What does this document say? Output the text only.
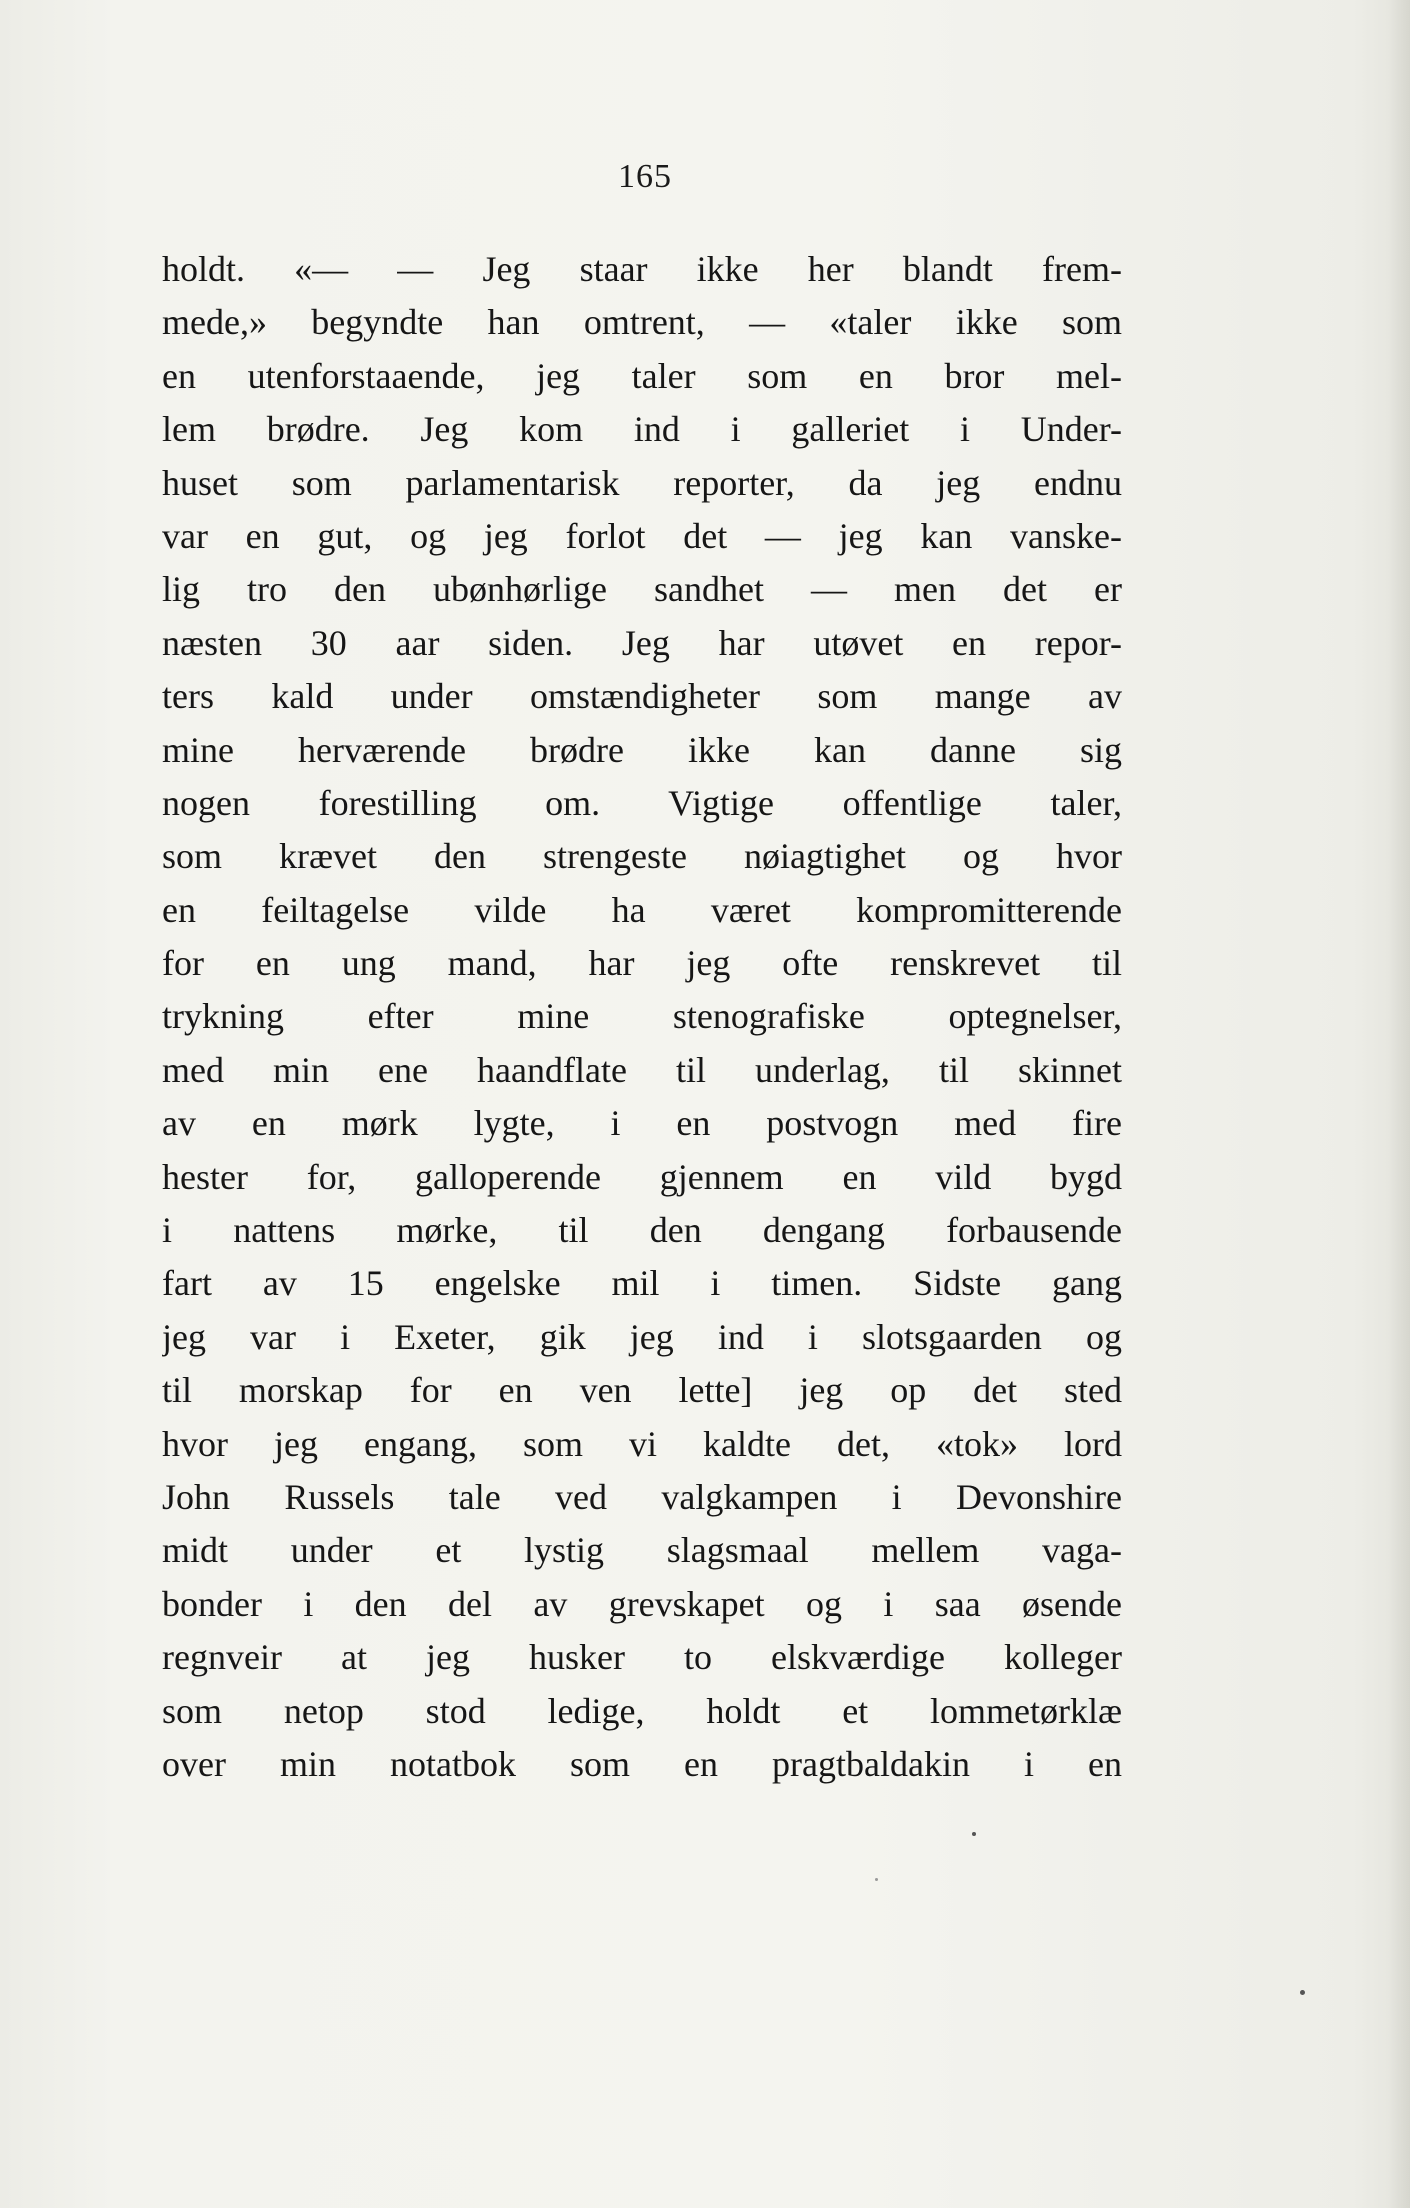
165
holdt. «— — Jeg staar ikke her blandt frem-
mede,» begyndte han omtrent, — «taler ikke som
en utenforstaaende, jeg taler som en bror mel-
lem brødre. Jeg kom ind i galleriet i Under-
huset som parlamentarisk reporter, da jeg endnu
var en gut, og jeg forlot det — jeg kan vanske-
lig tro den ubønhørlige sandhet — men det er
næsten 30 aar siden. Jeg har utøvet en repor-
ters kald under omstændigheter som mange av
mine herværende brødre ikke kan danne sig
nogen forestilling om. Vigtige offentlige taler,
som krævet den strengeste nøiagtighet og hvor
en feiltagelse vilde ha været kompromitterende
for en ung mand, har jeg ofte renskrevet til
trykning efter mine stenografiske optegnelser,
med min ene haandflate til underlag, til skinnet
av en mørk lygte, i en postvogn med fire
hester for, galloperende gjennem en vild bygd
i nattens mørke, til den dengang forbausende
fart av 15 engelske mil i timen. Sidste gang
jeg var i Exeter, gik jeg ind i slotsgaarden og
til morskap for en ven lette] jeg op det sted
hvor jeg engang, som vi kaldte det, «tok» lord
John Russels tale ved valgkampen i Devonshire
midt under et lystig slagsmaal mellem vaga-
bonder i den del av grevskapet og i saa øsende
regnveir at jeg husker to elskværdige kolleger
som netop stod ledige, holdt et lommetørklæ
over min notatbok som en pragtbaldakin i en
